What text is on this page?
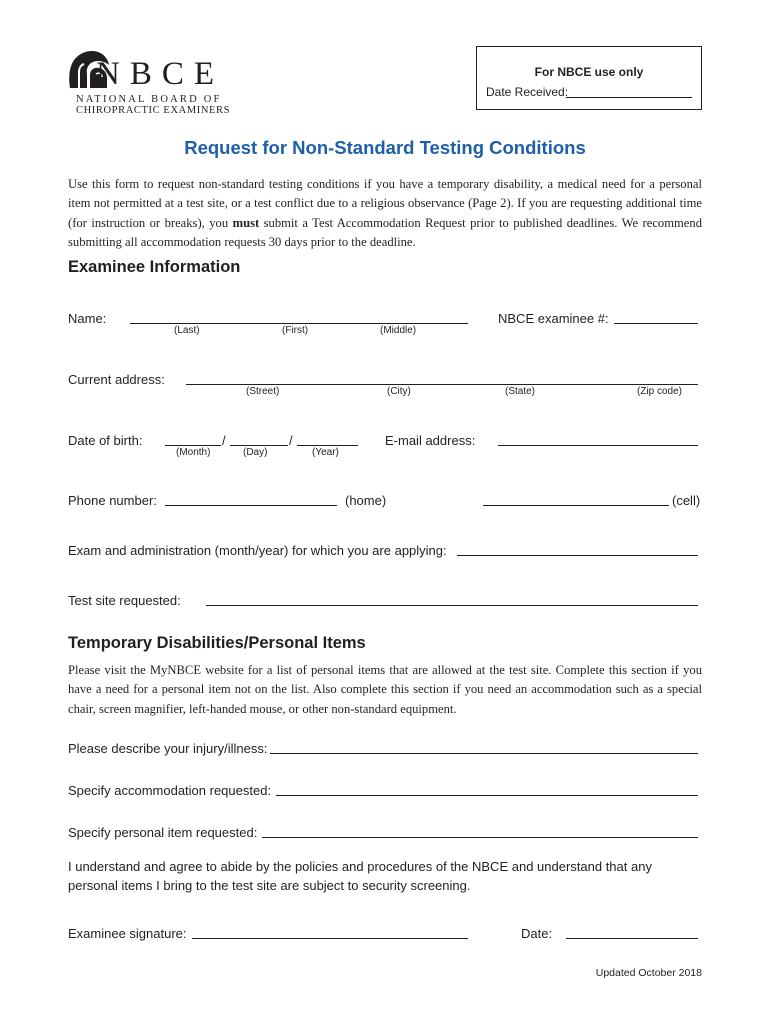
NBCE
NATIONAL BOARD OF
CHIROPRACTIC EXAMINERS
For NBCE use only
Date Received:
Request for Non-Standard Testing Conditions
Use this form to request non-standard testing conditions if you have a temporary disability, a medical need for a personal item not permitted at a test site, or a test conflict due to a religious observance (Page 2). If you are requesting additional time (for instruction or breaks), you must submit a Test Accommodation Request prior to published deadlines. We recommend submitting all accommodation requests 30 days prior to the deadline.
Examinee Information
Name:
(Last)	(First)	(Middle)
NBCE examinee #:
Current address:
(Street)	(City)	(State)	(Zip code)
Date of birth:	/	/
(Month)	(Day)	(Year)
E-mail address:
Phone number:	(home)	(cell)
Exam and administration (month/year) for which you are applying:
Test site requested:
Temporary Disabilities/Personal Items
Please visit the MyNBCE website for a list of personal items that are allowed at the test site. Complete this section if you have a need for a personal item not on the list. Also complete this section if you need an accommodation such as a special chair, screen magnifier, left-handed mouse, or other non-standard equipment.
Please describe your injury/illness:
Specify accommodation requested:
Specify personal item requested:
I understand and agree to abide by the policies and procedures of the NBCE and understand that any personal items I bring to the test site are subject to security screening.
Examinee signature:	Date:
Updated October 2018
